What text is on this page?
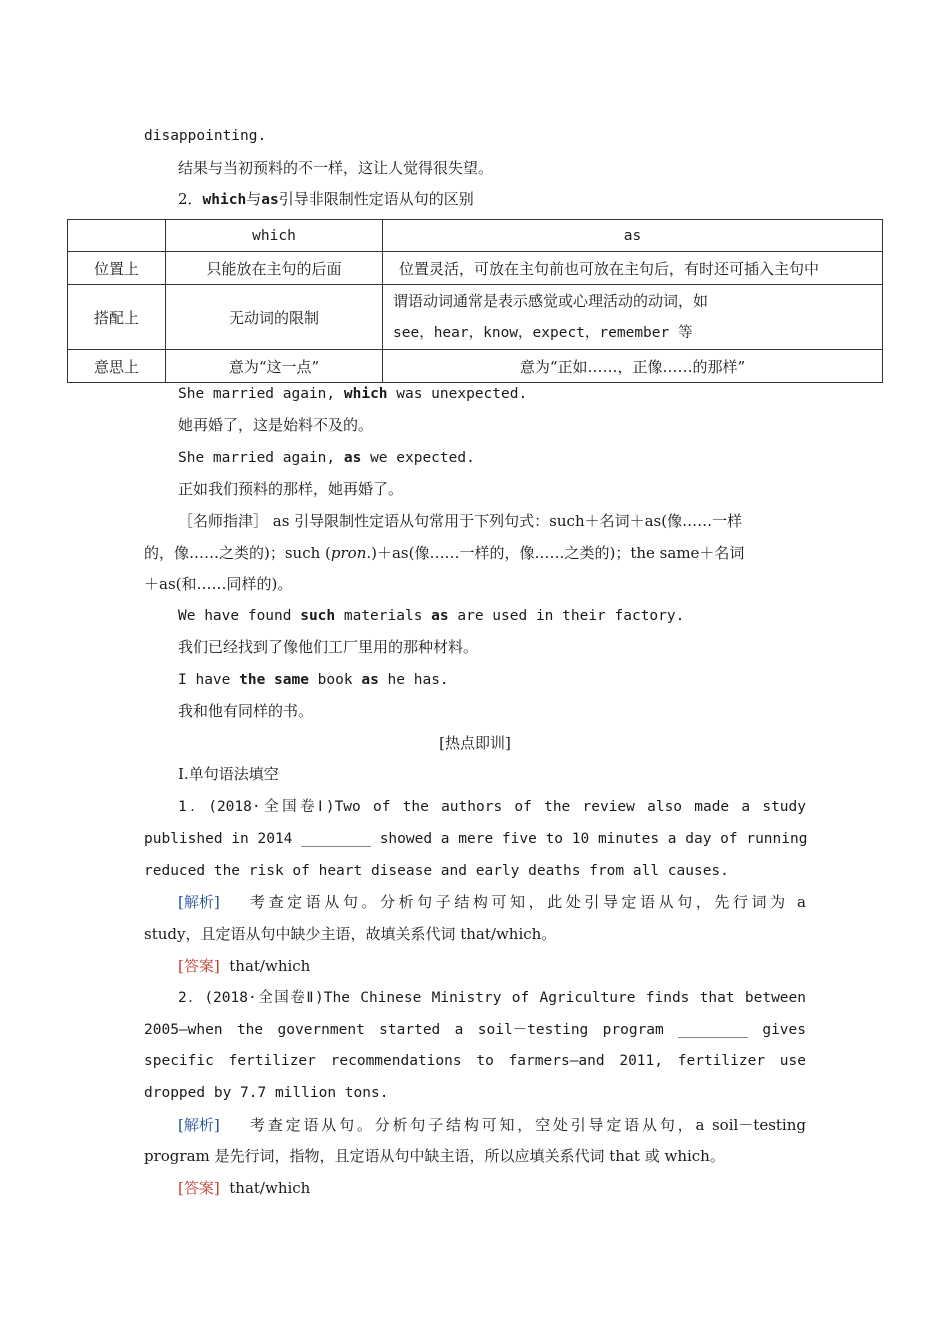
disappointing.
结果与当初预料的不一样，这让人觉得很失望。
2．which与as引导非限制性定语从句的区别
	which	as
位置上	只能放在主句的后面	位置灵活，可放在主句前也可放在主句后，有时还可插入主句中
搭配上	无动词的限制	谓语动词通常是表示感觉或心理活动的动词，如
see，hear，know，expect，remember 等

意思上	意为“这一点”	意为“正如……，正像……的那样”
She married again, which was unexpected.
她再婚了，这是始料不及的。
She married again, as we expected.
正如我们预料的那样，她再婚了。
［名师指津］ as 引导限制性定语从句常用于下列句式：such＋名词＋as(像……一样
的，像……之类的)；such (pron.)＋as(像……一样的，像……之类的)；the same＋名词
＋as(和……同样的)。
We have found such materials as are used in their factory.
我们已经找到了像他们工厂里用的那种材料。
I have the same book as he has.
我和他有同样的书。
[热点即训]
Ⅰ.单句语法填空
1．(2018·全国卷Ⅰ)Two of the authors of the review also made a study
published in 2014 ________ showed a mere five to 10 minutes a day of running
reduced the risk of heart disease and early deaths from all causes.
[解析] 考查定语从句。分析句子结构可知，此处引导定语从句，先行词为 a
study，且定语从句中缺少主语，故填关系代词 that/which。
[答案] that/which
2．(2018·全国卷Ⅱ)The Chinese Ministry of Agriculture finds that between
2005—when the government started a soil－testing program ________ gives
specific fertilizer recommendations to farmers—and 2011, fertilizer use
dropped by 7.7 million tons.
[解析] 考查定语从句。分析句子结构可知，空处引导定语从句，a soil－testing
program 是先行词，指物，且定语从句中缺主语，所以应填关系代词 that 或 which。
[答案] that/which
